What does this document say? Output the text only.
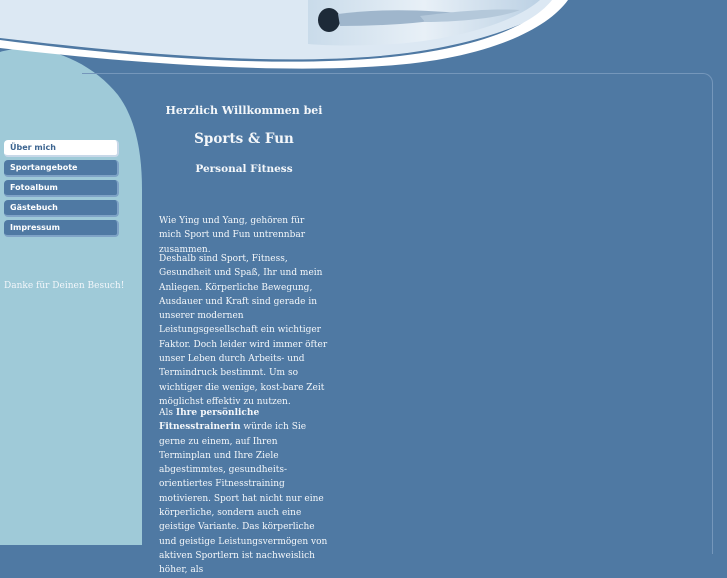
Über mich
Sportangebote
Fotoalbum
Gästebuch
Impressum
Danke für Deinen Besuch!

Herzlich Willkommen bei

Sports & Fun

Personal Fitness

Wie Ying und Yang, gehören für mich Sport und Fun untrennbar zusammen.

Deshalb sind Sport, Fitness, Gesundheit und Spaß, Ihr und mein Anliegen. Körperliche Bewegung, Ausdauer und Kraft sind gerade in unserer modernen Leistungsgesellschaft ein wichtiger Faktor. Doch leider wird immer öfter unser Leben durch Arbeits- und Termindruck bestimmt. Um so wichtiger die wenige, kost-bare Zeit möglichst effektiv zu nutzen.

Als Ihre persönliche Fitnesstrainerin würde ich Sie gerne zu einem, auf Ihren Terminplan und Ihre Ziele abgestimmtes, gesundheits-orientiertes Fitnesstraining motivieren. Sport hat nicht nur eine körperliche, sondern auch eine geistige Variante. Das körperliche und geistige Leistungsvermögen von aktiven Sportlern ist nachweislich höher, als
